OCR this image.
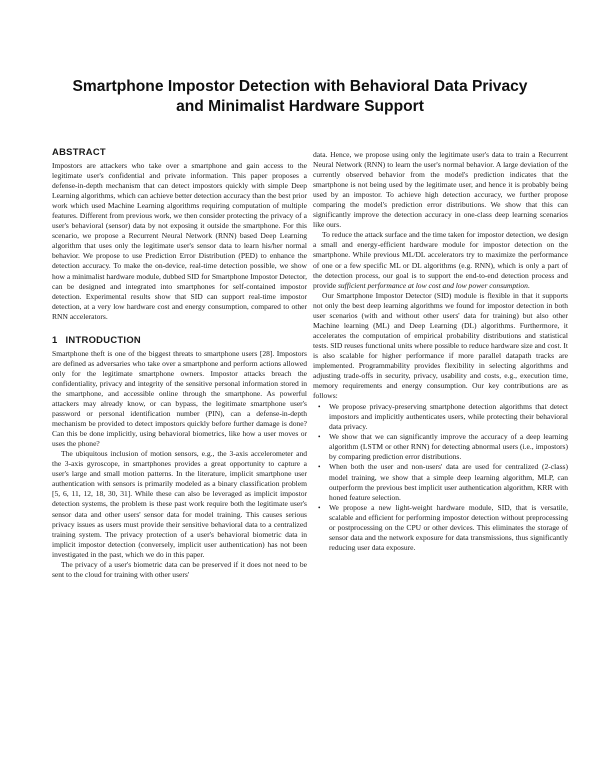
Smartphone Impostor Detection with Behavioral Data Privacy
and Minimalist Hardware Support
ABSTRACT

Impostors are attackers who take over a smartphone and gain access to the legitimate user's confidential and private information. This paper proposes a defense-in-depth mechanism that can detect impostors quickly with simple Deep Learning algorithms, which can achieve better detection accuracy than the best prior work which used Machine Learning algorithms requiring computation of multiple features. Different from previous work, we then consider protecting the privacy of a user's behavioral (sensor) data by not exposing it outside the smartphone. For this scenario, we propose a Recurrent Neural Network (RNN) based Deep Learning algorithm that uses only the legitimate user's sensor data to learn his/her normal behavior. We propose to use Prediction Error Distribution (PED) to enhance the detection accuracy. To make the on-device, real-time detection possible, we show how a minimalist hardware module, dubbed SID for Smartphone Impostor Detector, can be designed and integrated into smartphones for self-contained impostor detection. Experimental results show that SID can support real-time impostor detection, at a very low hardware cost and energy consumption, compared to other RNN accelerators.

1 INTRODUCTION

Smartphone theft is one of the biggest threats to smartphone users [28]. Impostors are defined as adversaries who take over a smartphone and perform actions allowed only for the legitimate smartphone owners. Impostor attacks breach the confidentiality, privacy and integrity of the sensitive personal information stored in the smartphone, and accessible online through the smartphone. As powerful attackers may already know, or can bypass, the legitimate smartphone user's password or personal identification number (PIN), can a defense-in-depth mechanism be provided to detect impostors quickly before further damage is done? Can this be done implicitly, using behavioral biometrics, like how a user moves or uses the phone?

The ubiquitous inclusion of motion sensors, e.g., the 3-axis accelerometer and the 3-axis gyroscope, in smartphones provides a great opportunity to capture a user's large and small motion patterns. In the literature, implicit smartphone user authentication with sensors is primarily modeled as a binary classification problem [5, 6, 11, 12, 18, 30, 31]. While these can also be leveraged as implicit impostor detection systems, the problem is these past work require both the legitimate user's sensor data and other users' sensor data for model training. This causes serious privacy issues as users must provide their sensitive behavioral data to a centralized training system. The privacy protection of a user's behavioral biometric data in implicit impostor detection (conversely, implicit user authentication) has not been investigated in the past, which we do in this paper.

The privacy of a user's biometric data can be preserved if it does not need to be sent to the cloud for training with other users'

data. Hence, we propose using only the legitimate user's data to train a Recurrent Neural Network (RNN) to learn the user's normal behavior. A large deviation of the currently observed behavior from the model's prediction indicates that the smartphone is not being used by the legitimate user, and hence it is probably being used by an impostor. To achieve high detection accuracy, we further propose comparing the model's prediction error distributions. We show that this can significantly improve the detection accuracy in one-class deep learning scenarios like ours.

To reduce the attack surface and the time taken for impostor detection, we design a small and energy-efficient hardware module for impostor detection on the smartphone. While previous ML/DL accelerators try to maximize the performance of one or a few specific ML or DL algorithms (e.g. RNN), which is only a part of the detection process, our goal is to support the end-to-end detection process and provide sufficient performance at low cost and low power consumption.

Our Smartphone Impostor Detector (SID) module is flexible in that it supports not only the best deep learning algorithms we found for impostor detection in both user scenarios (with and without other users' data for training) but also other Machine learning (ML) and Deep Learning (DL) algorithms. Furthermore, it accelerates the computation of empirical probability distributions and statistical tests. SID reuses functional units where possible to reduce hardware size and cost. It is also scalable for higher performance if more parallel datapath tracks are implemented. Programmability provides flexibility in selecting algorithms and adjusting trade-offs in security, privacy, usability and costs, e.g., execution time, memory requirements and energy consumption. Our key contributions are as follows:

• We propose privacy-preserving smartphone detection algorithms that detect impostors and implicitly authenticates users, while protecting their behavioral data privacy.
• We show that we can significantly improve the accuracy of a deep learning algorithm (LSTM or other RNN) for detecting abnormal users (i.e., impostors) by comparing prediction error distributions.
• When both the user and non-users' data are used for centralized (2-class) model training, we show that a simple deep learning algorithm, MLP, can outperform the previous best implicit user authentication algorithm, KRR with honed feature selection.
• We propose a new light-weight hardware module, SID, that is versatile, scalable and efficient for performing impostor detection without preprocessing or postprocessing on the CPU or other devices. This eliminates the storage of sensor data and the network exposure for data transmissions, thus significantly reducing user data exposure.
